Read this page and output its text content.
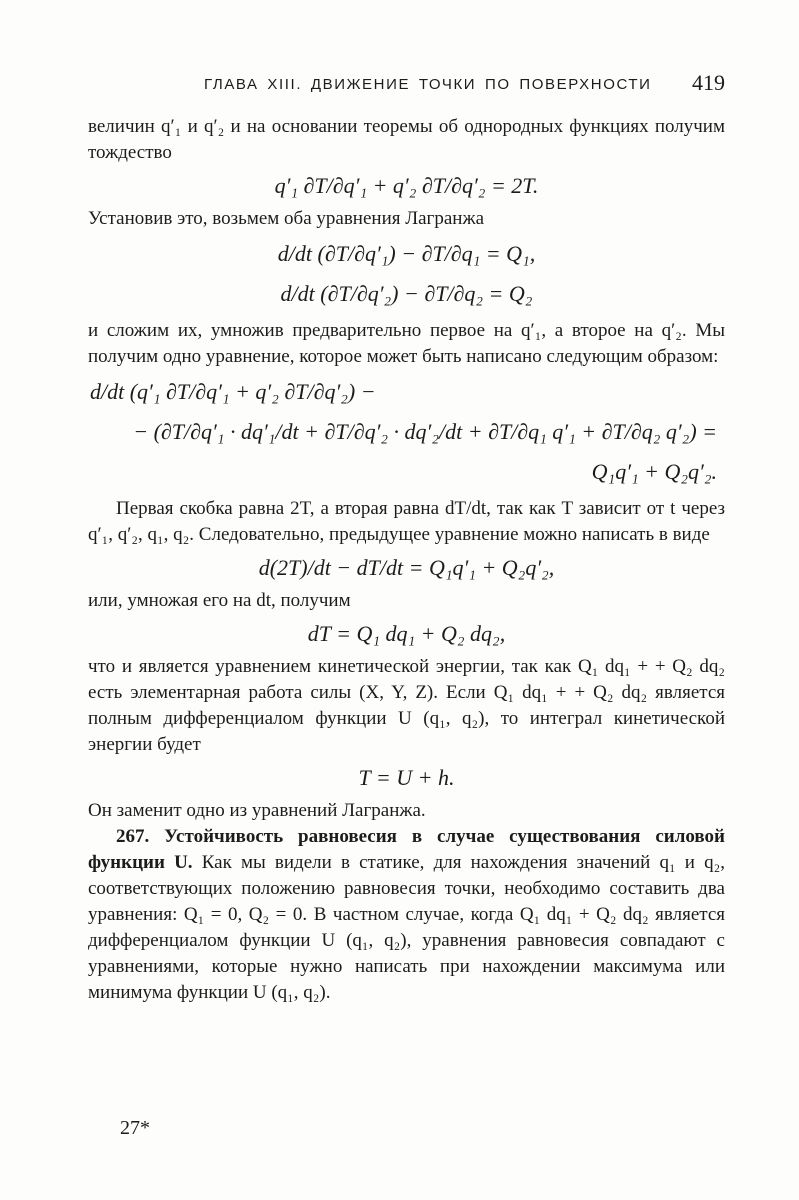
ГЛАВА XIII. ДВИЖЕНИЕ ТОЧКИ ПО ПОВЕРХНОСТИ 419

величин q′₁ и q′₂ и на основании теоремы об однородных функциях получим тождество

q′₁ ∂T/∂q′₁ + q′₂ ∂T/∂q′₂ = 2T.

Установив это, возьмем оба уравнения Лагранжа

d/dt (∂T/∂q′₁) − ∂T/∂q₁ = Q₁,

d/dt (∂T/∂q′₂) − ∂T/∂q₂ = Q₂

и сложим их, умножив предварительно первое на q′₁, а второе на q′₂. Мы получим одно уравнение, которое может быть написано следующим образом:

d/dt (q′₁ ∂T/∂q′₁ + q′₂ ∂T/∂q′₂) −

− (∂T/∂q′₁ · dq′₁/dt + ∂T/∂q′₂ · dq′₂/dt + ∂T/∂q₁ q′₁ + ∂T/∂q₂ q′₂) = Q₁q′₁ + Q₂q′₂.

Первая скобка равна 2T, а вторая равна dT/dt, так как T зависит от t через q′₁, q′₂, q₁, q₂. Следовательно, предыдущее уравнение можно написать в виде

d(2T)/dt − dT/dt = Q₁q′₁ + Q₂q′₂,

или, умножая его на dt, получим

dT = Q₁ dq₁ + Q₂ dq₂,

что и является уравнением кинетической энергии, так как Q₁ dq₁ + + Q₂ dq₂ есть элементарная работа силы (X, Y, Z). Если Q₁ dq₁ + + Q₂ dq₂ является полным дифференциалом функции U (q₁, q₂), то интеграл кинетической энергии будет

T = U + h.

Он заменит одно из уравнений Лагранжа.

267. Устойчивость равновесия в случае существования силовой функции U. Как мы видели в статике, для нахождения значений q₁ и q₂, соответствующих положению равновесия точки, необходимо составить два уравнения: Q₁ = 0, Q₂ = 0. В частном случае, когда Q₁ dq₁ + Q₂ dq₂ является дифференциалом функции U (q₁, q₂), уравнения равновесия совпадают с уравнениями, которые нужно написать при нахождении максимума или минимума функции U (q₁, q₂).

27*
